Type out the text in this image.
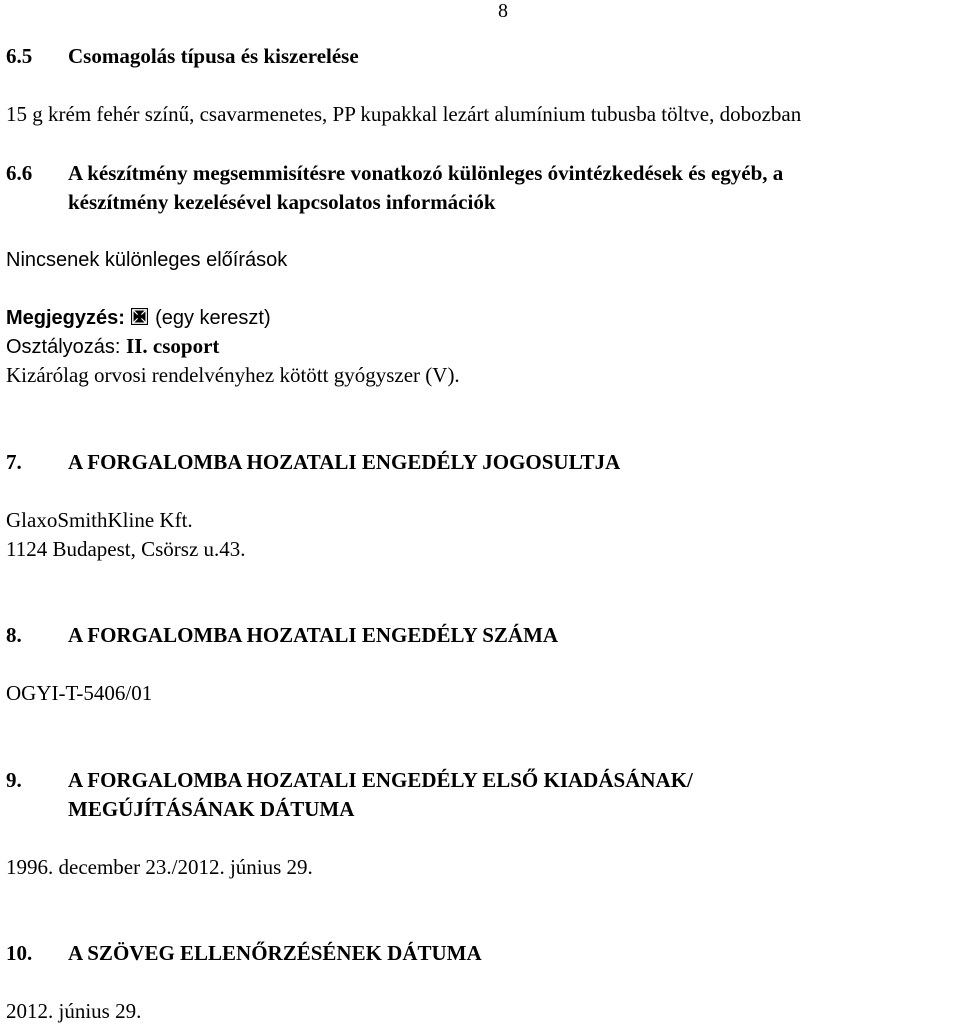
8
6.5 Csomagolás típusa és kiszerelése
15 g krém fehér színű, csavarmenetes, PP kupakkal lezárt alumínium tubusba töltve, dobozban
6.6 A készítmény megsemmisítésre vonatkozó különleges óvintézkedések és egyéb, a
készítmény kezelésével kapcsolatos információk
Nincsenek különleges előírások
Megjegyzés: (egy kereszt)
Osztályozás: II. csoport
Kizárólag orvosi rendelvényhez kötött gyógyszer (V).
7. A FORGALOMBA HOZATALI ENGEDÉLY JOGOSULTJA
GlaxoSmithKline Kft.
1124 Budapest, Csörsz u.43.
8. A FORGALOMBA HOZATALI ENGEDÉLY SZÁMA
OGYI-T-5406/01
9. A FORGALOMBA HOZATALI ENGEDÉLY ELSŐ KIADÁSÁNAK/
MEGÚJÍTÁSÁNAK DÁTUMA
1996. december 23./2012. június 29.
10. A SZÖVEG ELLENŐRZÉSÉNEK DÁTUMA
2012. június 29.
